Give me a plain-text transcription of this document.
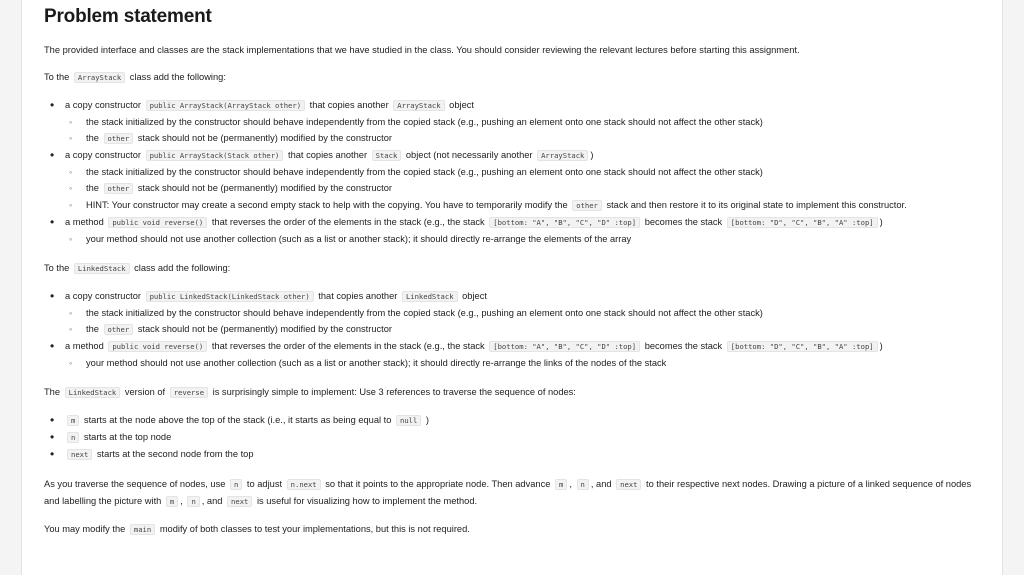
Problem statement

The provided interface and classes are the stack implementations that we have studied in the class. You should consider reviewing the relevant lectures before starting this assignment.

To the ArrayStack class add the following:

• a copy constructor public ArrayStack(ArrayStack other) that copies another ArrayStack object
◦ the stack initialized by the constructor should behave independently from the copied stack (e.g., pushing an element onto one stack should not affect the other stack)
◦ the other stack should not be (permanently) modified by the constructor
• a copy constructor public ArrayStack(Stack other) that copies another Stack object (not necessarily another ArrayStack )
◦ the stack initialized by the constructor should behave independently from the copied stack (e.g., pushing an element onto one stack should not affect the other stack)
◦ the other stack should not be (permanently) modified by the constructor
◦ HINT: Your constructor may create a second empty stack to help with the copying. You have to temporarily modify the other stack and then restore it to its original state to implement this constructor.
• a method public void reverse() that reverses the order of the elements in the stack (e.g., the stack [bottom: "A", "B", "C", "D" :top] becomes the stack [bottom: "D", "C", "B", "A" :top] )
◦ your method should not use another collection (such as a list or another stack); it should directly re-arrange the elements of the array

To the LinkedStack class add the following:

• a copy constructor public LinkedStack(LinkedStack other) that copies another LinkedStack object
◦ the stack initialized by the constructor should behave independently from the copied stack (e.g., pushing an element onto one stack should not affect the other stack)
◦ the other stack should not be (permanently) modified by the constructor
• a method public void reverse() that reverses the order of the elements in the stack (e.g., the stack [bottom: "A", "B", "C", "D" :top] becomes the stack [bottom: "D", "C", "B", "A" :top] )
◦ your method should not use another collection (such as a list or another stack); it should directly re-arrange the links of the nodes of the stack

The LinkedStack version of reverse is surprisingly simple to implement: Use 3 references to traverse the sequence of nodes:

• m starts at the node above the top of the stack (i.e., it starts as being equal to null )
• n starts at the top node
• next starts at the second node from the top

As you traverse the sequence of nodes, use n to adjust n.next so that it points to the appropriate node. Then advance m , n , and next to their respective next nodes. Drawing a picture of a linked sequence of nodes and labelling the picture with m , n , and next is useful for visualizing how to implement the method.

You may modify the main modify of both classes to test your implementations, but this is not required.
